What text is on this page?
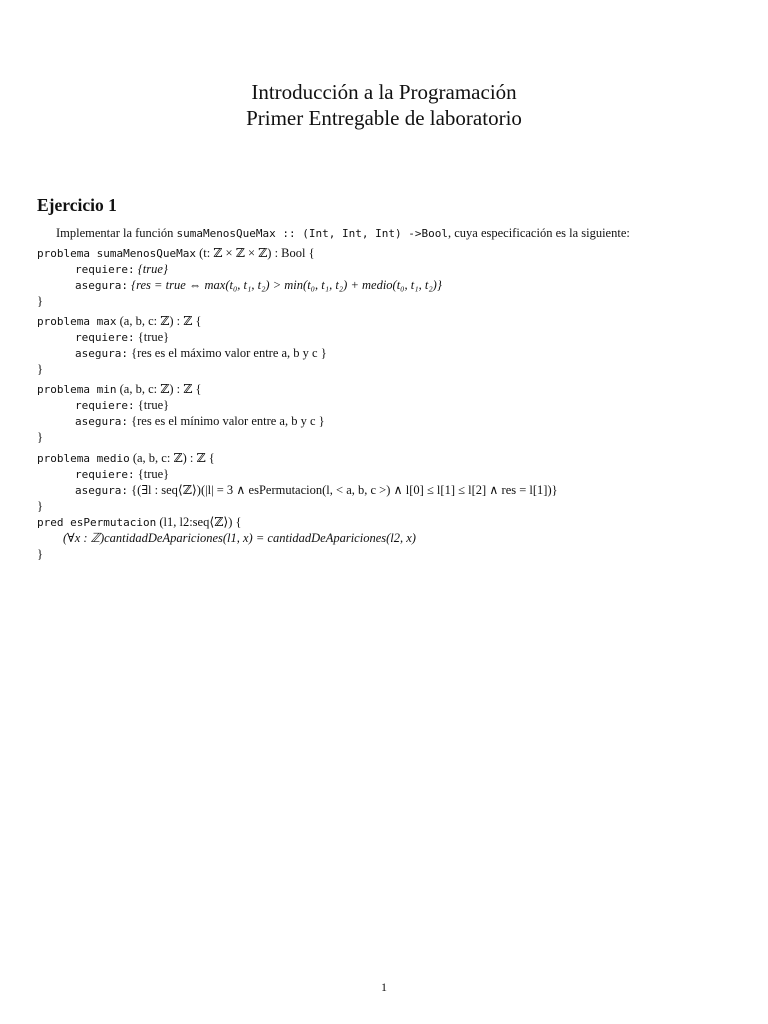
Introducción a la Programación
Primer Entregable de laboratorio
Ejercicio 1
Implementar la función sumaMenosQueMax :: (Int, Int, Int) ->Bool, cuya especificación es la siguiente:
problema sumaMenosQueMax (t: ℤ × ℤ × ℤ) : Bool {
requiere: {true}
asegura: {res = true ⇔ max(t₀, t₁, t₂) > min(t₀, t₁, t₂) + medio(t₀, t₁, t₂)}
}
problema max (a, b, c: ℤ) : ℤ {
requiere: {true}
asegura: {res es el máximo valor entre a, b y c }
}
problema min (a, b, c: ℤ) : ℤ {
requiere: {true}
asegura: {res es el mínimo valor entre a, b y c }
}
problema medio (a, b, c: ℤ) : ℤ {
requiere: {true}
asegura: {(∃l : seq⟨ℤ⟩)(|l| = 3 ∧ esPermutacion(l, < a, b, c >) ∧ l[0] ≤ l[1] ≤ l[2] ∧ res = l[1])}
}
pred esPermutacion (l1, l2:seq⟨ℤ⟩) {
(∀x : ℤ)cantidadDeApariciones(l1, x) = cantidadDeApariciones(l2, x)
}
1
